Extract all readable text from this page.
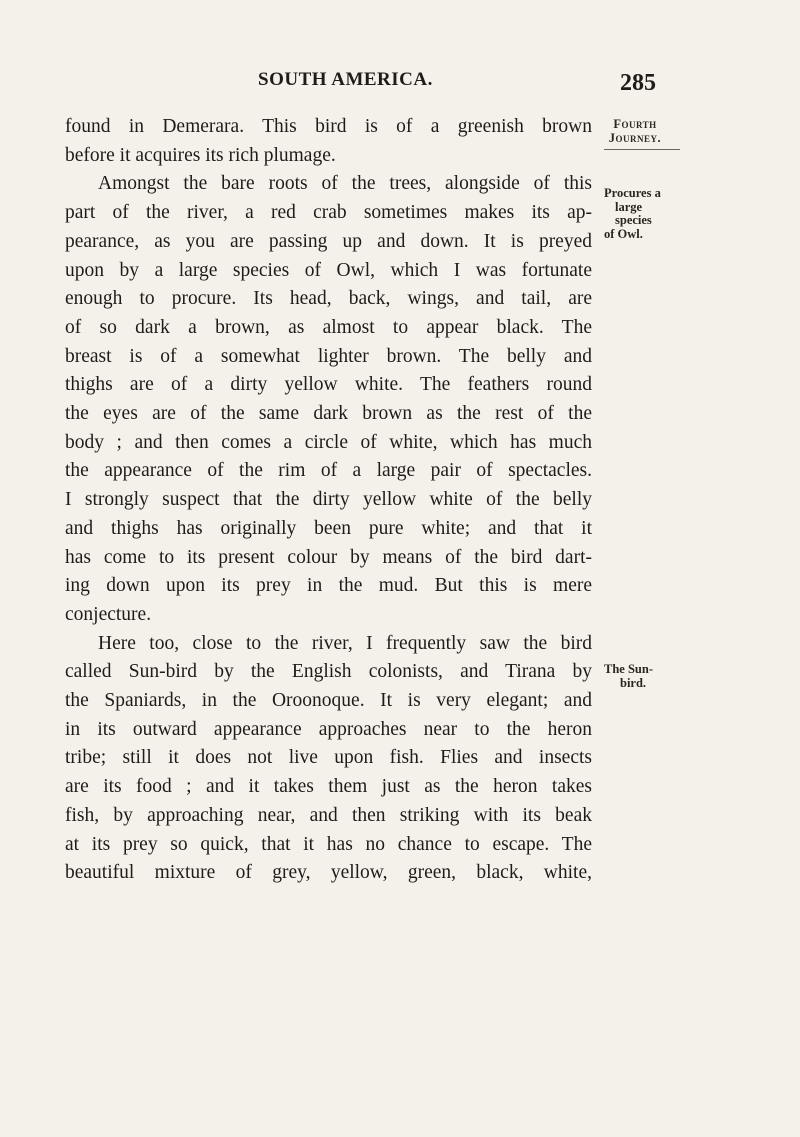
SOUTH AMERICA.	285
Fourth
Journey.
Procures a
large species
of Owl.
The Sun-
bird.
found in Demerara. This bird is of a greenish brown
before it acquires its rich plumage.
Amongst the bare roots of the trees, alongside of this
part of the river, a red crab sometimes makes its ap-
pearance, as you are passing up and down. It is preyed
upon by a large species of Owl, which I was fortunate
enough to procure. Its head, back, wings, and tail, are
of so dark a brown, as almost to appear black. The
breast is of a somewhat lighter brown. The belly and
thighs are of a dirty yellow white. The feathers round
the eyes are of the same dark brown as the rest of the
body ; and then comes a circle of white, which has much
the appearance of the rim of a large pair of spectacles.
I strongly suspect that the dirty yellow white of the belly
and thighs has originally been pure white; and that it
has come to its present colour by means of the bird dart-
ing down upon its prey in the mud. But this is mere
conjecture.
Here too, close to the river, I frequently saw the bird
called Sun-bird by the English colonists, and Tirana by
the Spaniards, in the Oroonoque. It is very elegant; and
in its outward appearance approaches near to the heron
tribe; still it does not live upon fish. Flies and insects
are its food ; and it takes them just as the heron takes
fish, by approaching near, and then striking with its beak
at its prey so quick, that it has no chance to escape. The
beautiful mixture of grey, yellow, green, black, white,
